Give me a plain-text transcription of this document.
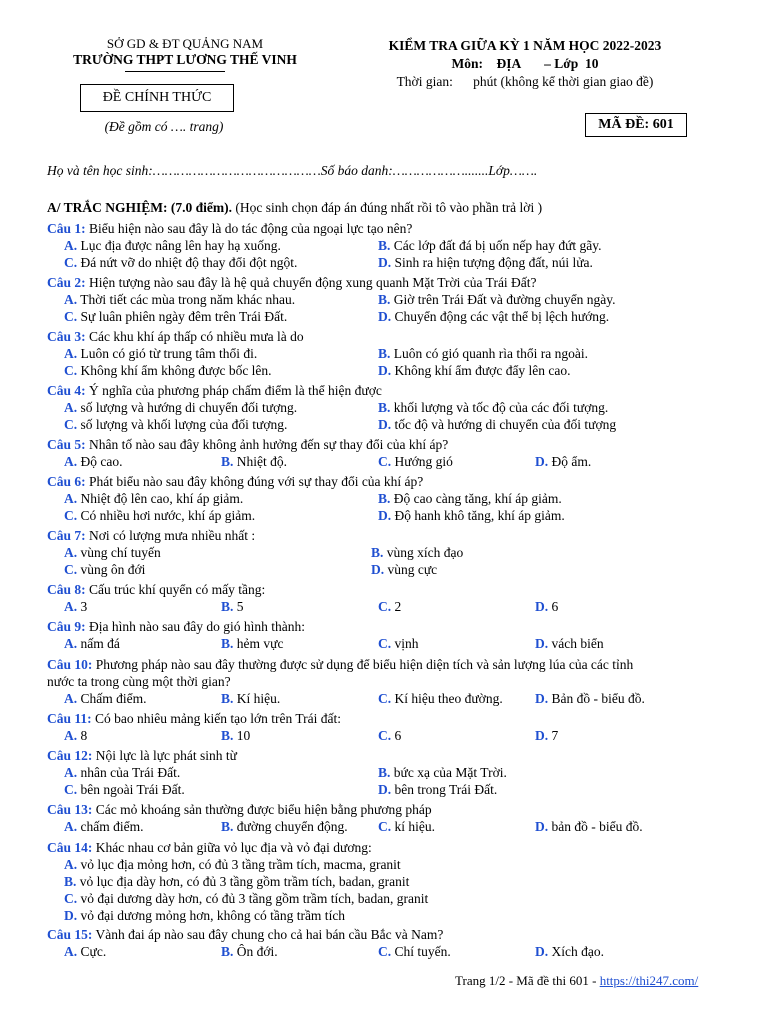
SỞ GD & ĐT QUẢNG NAM
TRƯỜNG THPT LƯƠNG THẾ VINH
ĐỀ CHÍNH THỨC
(Đề gồm có …. trang)
KIỂM TRA GIỮA KỲ 1 NĂM HỌC 2022-2023
Môn:    ĐỊA       – Lớp  10
Thời gian:      phút (không kể thời gian giao đề)
MÃ ĐỀ: 601
Họ và tên học sinh:……………………………………Số báo danh:……………….......Lớp…….
A/ TRẮC NGHIỆM: (7.0 điểm). (Học sinh chọn đáp án đúng nhất rồi tô vào phần trả lời )
Câu 1: Biểu hiện nào sau đây là do tác động của ngoại lực tạo nên?
A. Lục địa được nâng lên hay hạ xuống.	B. Các lớp đất đá bị uốn nếp hay đứt gãy.
C. Đá nứt vỡ do nhiệt độ thay đổi đột ngột.	D. Sinh ra hiện tượng động đất, núi lửa.
Câu 2: Hiện tượng nào sau đây là hệ quả chuyển động xung quanh Mặt Trời của Trái Đất?
A. Thời tiết các mùa trong năm khác nhau.	B. Giờ trên Trái Đất và đường chuyển ngày.
C. Sự luân phiên ngày đêm trên Trái Đất.	D. Chuyển động các vật thể bị lệch hướng.
Câu 3: Các khu khí áp thấp có nhiều mưa là do
A. Luôn có gió từ trung tâm thổi đi.	B. Luôn có gió quanh rìa thổi ra ngoài.
C. Không khí ẩm không được bốc lên.	D. Không khí ẩm được đẩy lên cao.
Câu 4: Ý nghĩa của phương pháp chấm điểm là thể hiện được
A. số lượng và hướng di chuyển đối tượng.	B. khối lượng và tốc độ của các đối tượng.
C. số lượng và khối lượng của đối tượng.	D. tốc độ và hướng di chuyển của đối tượng
Câu 5: Nhân tố nào sau đây không ảnh hưởng đến sự thay đổi của khí áp?
A. Độ cao.	B. Nhiệt độ.	C. Hướng gió	D. Độ ẩm.
Câu 6: Phát biểu nào sau đây không đúng với sự thay đổi của khí áp?
A. Nhiệt độ lên cao, khí áp giảm.	B. Độ cao càng tăng, khí áp giảm.
C. Có nhiều hơi nước, khí áp giảm.	D. Độ hanh khô tăng, khí áp giảm.
Câu 7: Nơi có lượng mưa nhiều nhất :
A. vùng chí tuyến	B. vùng xích đạo
C. vùng ôn đới	D. vùng cực
Câu 8: Cấu trúc khí quyển có mấy tầng:
A. 3	B. 5	C. 2	D. 6
Câu 9: Địa hình nào sau đây do gió hình thành:
A. nấm đá	B. hẻm vực	C. vịnh	D. vách biển
Câu 10: Phương pháp nào sau đây thường được sử dụng để biểu hiện diện tích và sản lượng lúa của các tỉnh
nước ta trong cùng một thời gian?
A. Chấm điểm.	B. Kí hiệu.	C. Kí hiệu theo đường. D. Bản đồ - biểu đồ.
Câu 11: Có bao nhiêu mảng kiến tạo lớn trên Trái đất:
A. 8	B. 10	C. 6	D. 7
Câu 12: Nội lực là lực phát sinh từ
A. nhân của Trái Đất.	B. bức xạ của Mặt Trời.
C. bên ngoài Trái Đất.	D. bên trong Trái Đất.
Câu 13: Các mỏ khoáng sản thường được biểu hiện bằng phương pháp
A. chấm điểm.	B. đường chuyển động. C. kí hiệu.	D. bản đồ - biểu đồ.
Câu 14: Khác nhau cơ bản giữa vỏ lục địa và vỏ đại dương:
A. vỏ lục địa mỏng hơn, có đủ 3 tầng trầm tích, macma, granit
B. vỏ lục địa dày hơn, có đủ 3 tầng gồm trầm tích, badan, granit
C. vỏ đại dương dày hơn, có đủ 3 tầng gồm trầm tích, badan, granit
D. vỏ đại dương mỏng hơn, không có tầng trầm tích
Câu 15: Vành đai áp nào sau đây chung cho cả hai bán cầu Bắc và Nam?
A. Cực.	B. Ôn đới.	C. Chí tuyến.	D. Xích đạo.
Trang 1/2 - Mã đề thi 601 - https://thi247.com/
